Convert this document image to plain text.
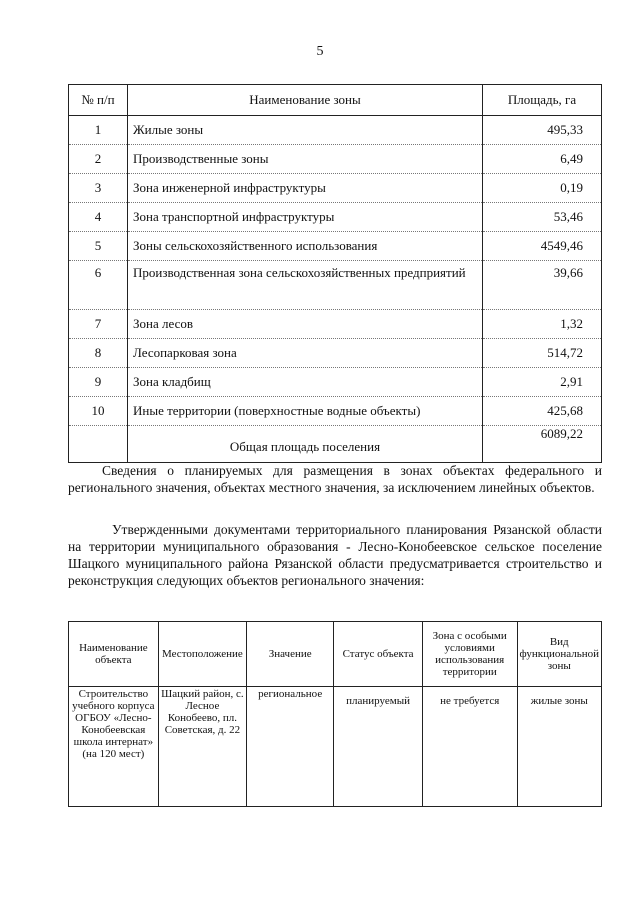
5
№ п/п	Наименование зоны	Площадь, га
1	Жилые зоны	495,33
2	Производственные зоны	6,49
3	Зона инженерной инфраструктуры	0,19
4	Зона транспортной инфраструктуры	53,46
5	Зоны сельскохозяйственного использования	4549,46
6	Производственная зона сельскохозяйственных предприятий	39,66
7	Зона лесов	1,32
8	Лесопарковая зона	514,72
9	Зона кладбищ	2,91
10	Иные территории (поверхностные водные объекты)	425,68
	Общая площадь поселения	6089,22

Сведения о планируемых для размещения в зонах объектах федерального и регионального значения, объектах местного значения, за исключением линейных объектов.

Утвержденными документами территориального планирования Рязанской области на территории муниципального образования - Лесно-Конобеевское сельское поселение Шацкого муниципального района Рязанской области предусматривается строительство и реконструкция следующих объектов регионального значения:

Наименование объекта	Местоположение	Значение	Статус объекта	Зона с особыми условиями использования территории	Вид функциональной зоны
Строительство учебного корпуса ОГБОУ «Лесно-Конобеевская школа интернат» (на 120 мест)	Шацкий район, с. Лесное Конобеево, пл. Советская, д. 22	региональное	планируемый	не требуется	жилые зоны
